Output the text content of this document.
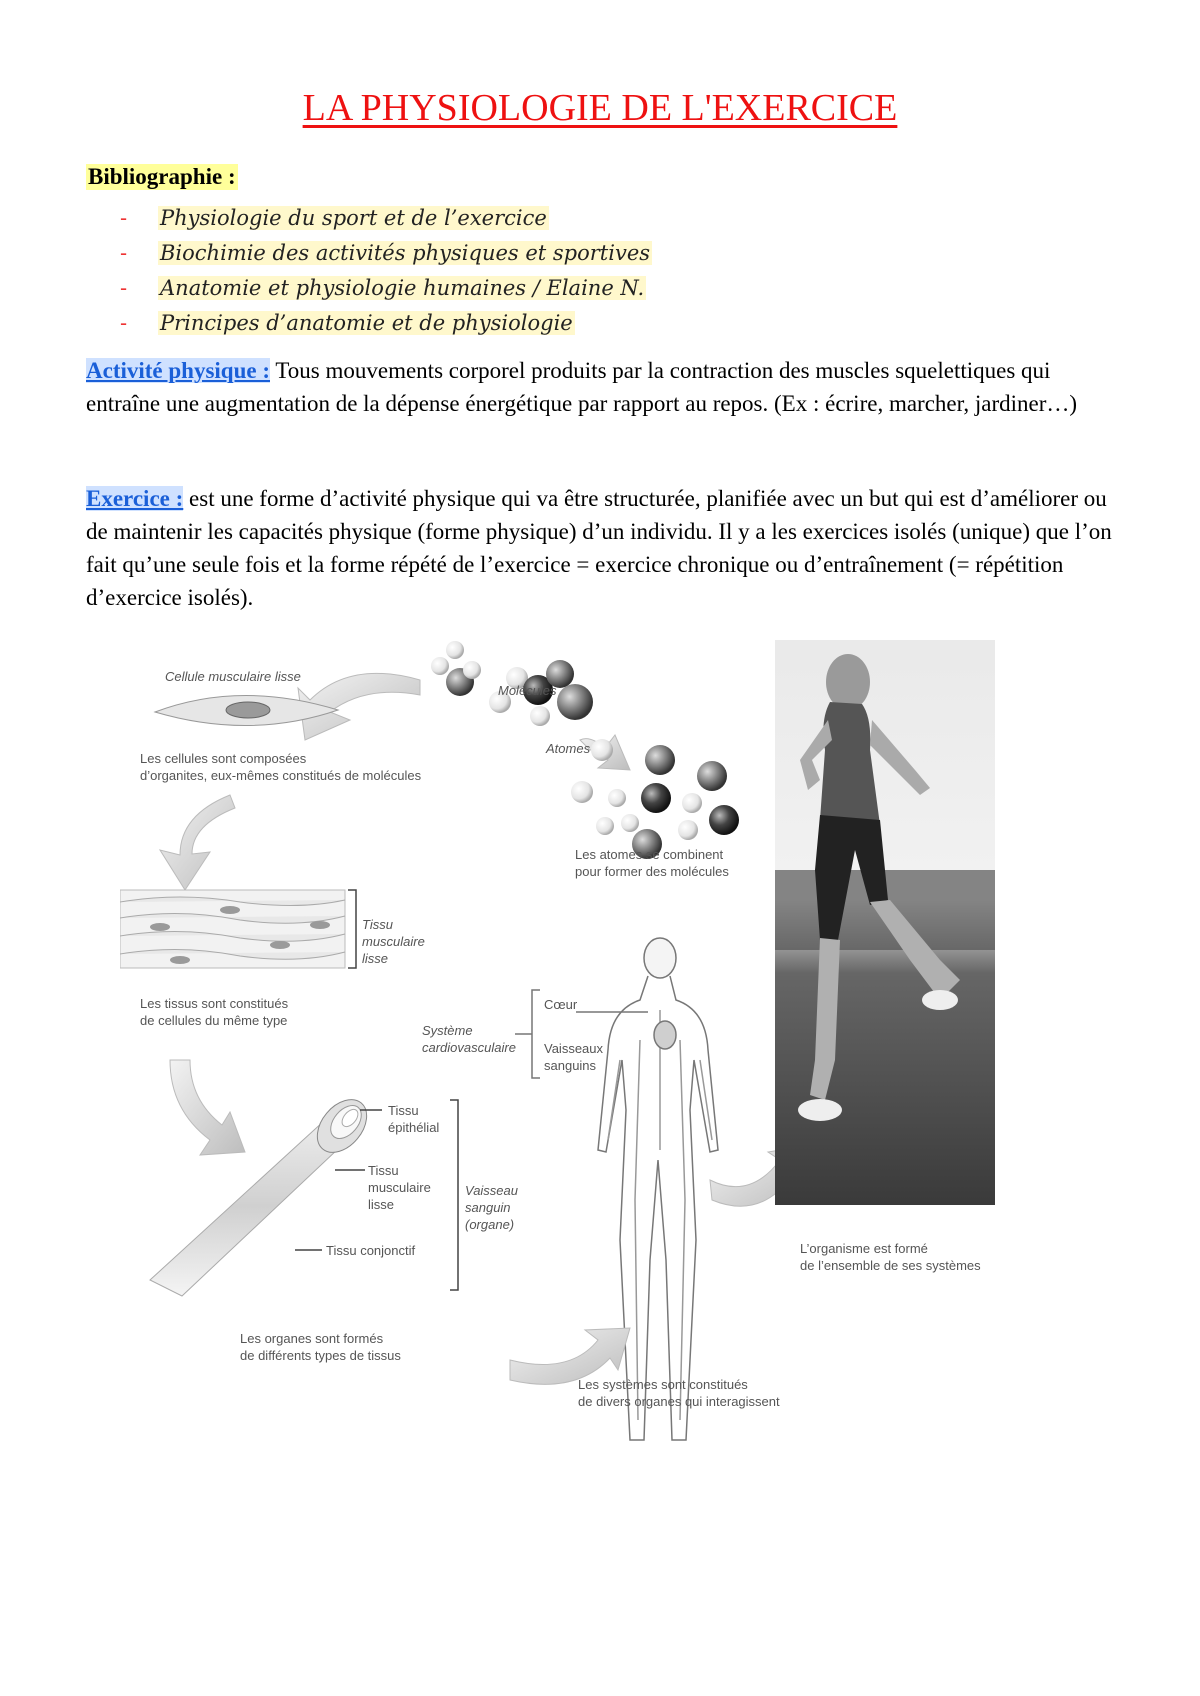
LA PHYSIOLOGIE DE L'EXERCICE
Bibliographie :
-	Physiologie du sport et de l’exercice
-	Biochimie des activités physiques et sportives
-	Anatomie et physiologie humaines / Elaine N.
-	Principes d’anatomie et de physiologie

Activité physique : Tous mouvements corporel produits par la contraction des muscles squelettiques qui entraîne une augmentation de la dépense énergétique par rapport au repos. (Ex : écrire, marcher, jardiner…)

Exercice : est une forme d’activité physique qui va être structurée, planifiée avec un but qui est d’améliorer ou de maintenir les capacités physique (forme physique) d’un individu. Il y a les exercices isolés (unique) que l’on fait qu’une seule fois et la forme répété de l’exercice = exercice chronique ou d’entraînement (= répétition d’exercice isolés).

Cellule musculaire lisse
Les cellules sont composées
d’organites, eux-mêmes constitués de molécules
Molécules
Atomes
Les atomes se combinent
pour former des molécules
Tissu
musculaire
lisse
Les tissus sont constitués
de cellules du même type
Tissu
épithélial
Tissu
musculaire
lisse
Tissu conjonctif
Vaisseau
sanguin
(organe)
Les organes sont formés
de différents types de tissus
Système
cardiovasculaire
Cœur
Vaisseaux
sanguins
Les systèmes sont constitués
de divers organes qui interagissent
L’organisme est formé
de l’ensemble de ses systèmes
